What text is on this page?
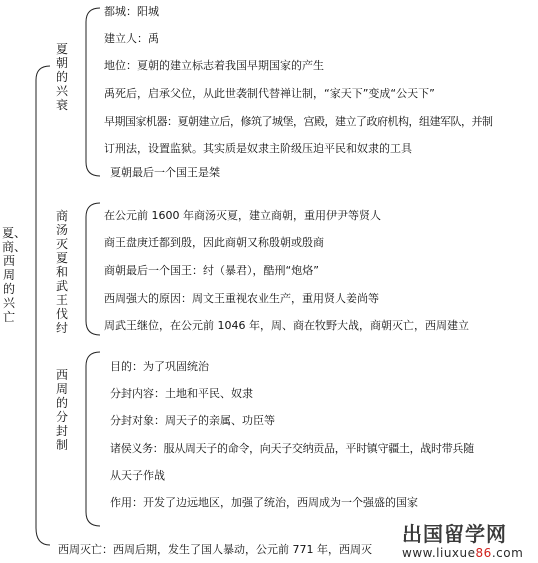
夏、商、西周的兴亡
夏朝的兴衰
商汤灭夏和武王伐纣
西周的分封制
都城：阳城
建立人：禹
地位：夏朝的建立标志着我国早期国家的产生
禹死后，启承父位，从此世袭制代替禅让制，“家天下”变成“公天下”
早期国家机器：夏朝建立后，修筑了城堡，宫殿，建立了政府机构，组建军队，并制
订刑法，设置监狱。其实质是奴隶主阶级压迫平民和奴隶的工具
夏朝最后一个国王是桀
在公元前 1600 年商汤灭夏，建立商朝，重用伊尹等贤人
商王盘庚迁都到殷，因此商朝又称殷朝或殷商
商朝最后一个国王：纣（暴君），酷刑“炮烙”
西周强大的原因：周文王重视农业生产，重用贤人姜尚等
周武王继位，在公元前 1046 年，周、商在牧野大战，商朝灭亡，西周建立
目的：为了巩固统治
分封内容：土地和平民、奴隶
分封对象：周天子的亲属、功臣等
诸侯义务：服从周天子的命令，向天子交纳贡品，平时镇守疆土，战时带兵随
从天子作战
作用：开发了边远地区，加强了统治，西周成为一个强盛的国家
西周灭亡：西周后期，发生了国人暴动，公元前 771 年，西周灭
出国留学网
www.liuxue86.com
